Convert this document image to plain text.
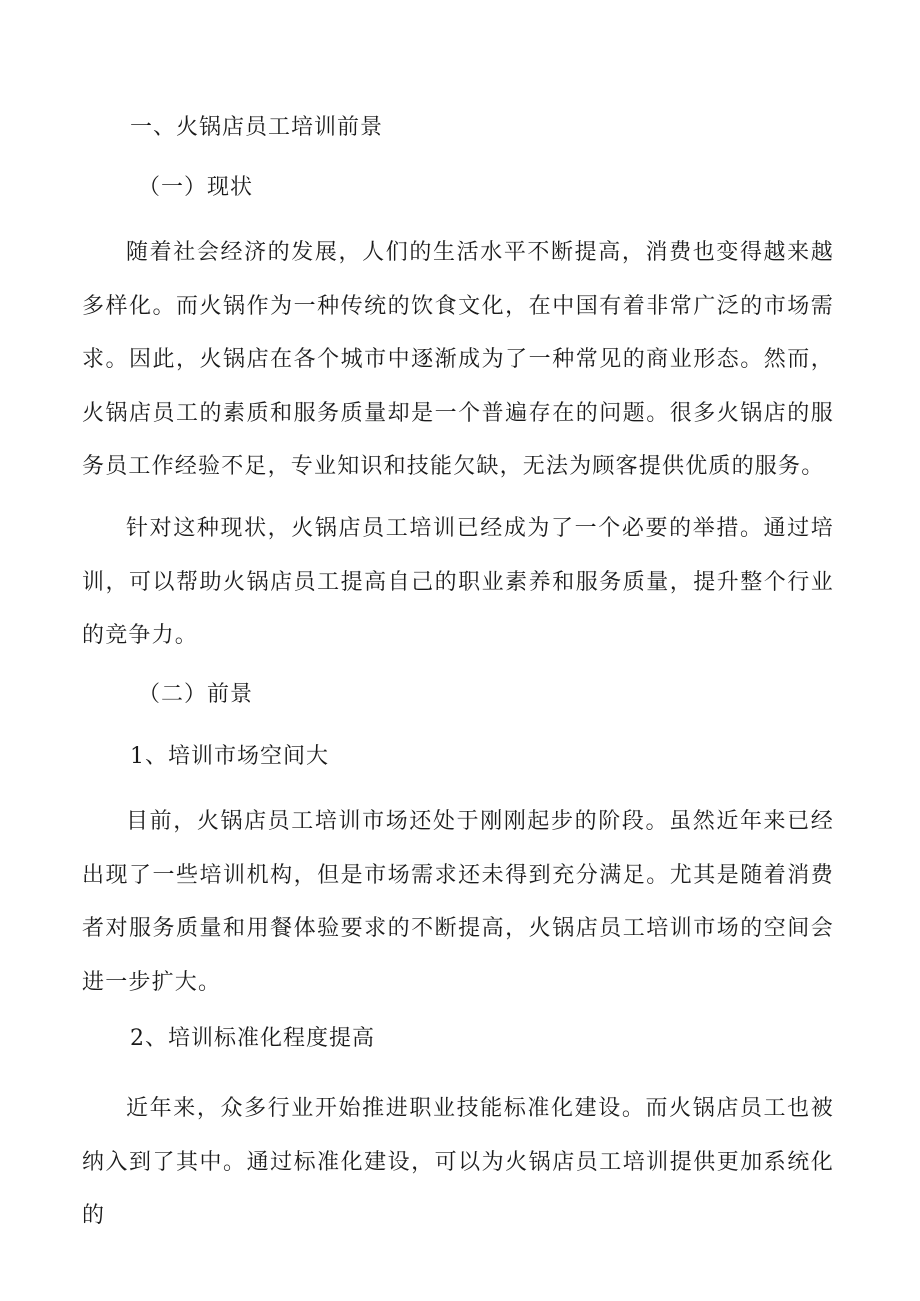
一、火锅店员工培训前景
（一）现状

随着社会经济的发展，人们的生活水平不断提高，消费也变得越来越多样化。而火锅作为一种传统的饮食文化，在中国有着非常广泛的市场需求。因此，火锅店在各个城市中逐渐成为了一种常见的商业形态。然而，火锅店员工的素质和服务质量却是一个普遍存在的问题。很多火锅店的服务员工作经验不足，专业知识和技能欠缺，无法为顾客提供优质的服务。

针对这种现状，火锅店员工培训已经成为了一个必要的举措。通过培训，可以帮助火锅店员工提高自己的职业素养和服务质量，提升整个行业的竞争力。

（二）前景
1、培训市场空间大

目前，火锅店员工培训市场还处于刚刚起步的阶段。虽然近年来已经出现了一些培训机构，但是市场需求还未得到充分满足。尤其是随着消费者对服务质量和用餐体验要求的不断提高，火锅店员工培训市场的空间会进一步扩大。

2、培训标准化程度提高

近年来，众多行业开始推进职业技能标准化建设。而火锅店员工也被纳入到了其中。通过标准化建设，可以为火锅店员工培训提供更加系统化的
